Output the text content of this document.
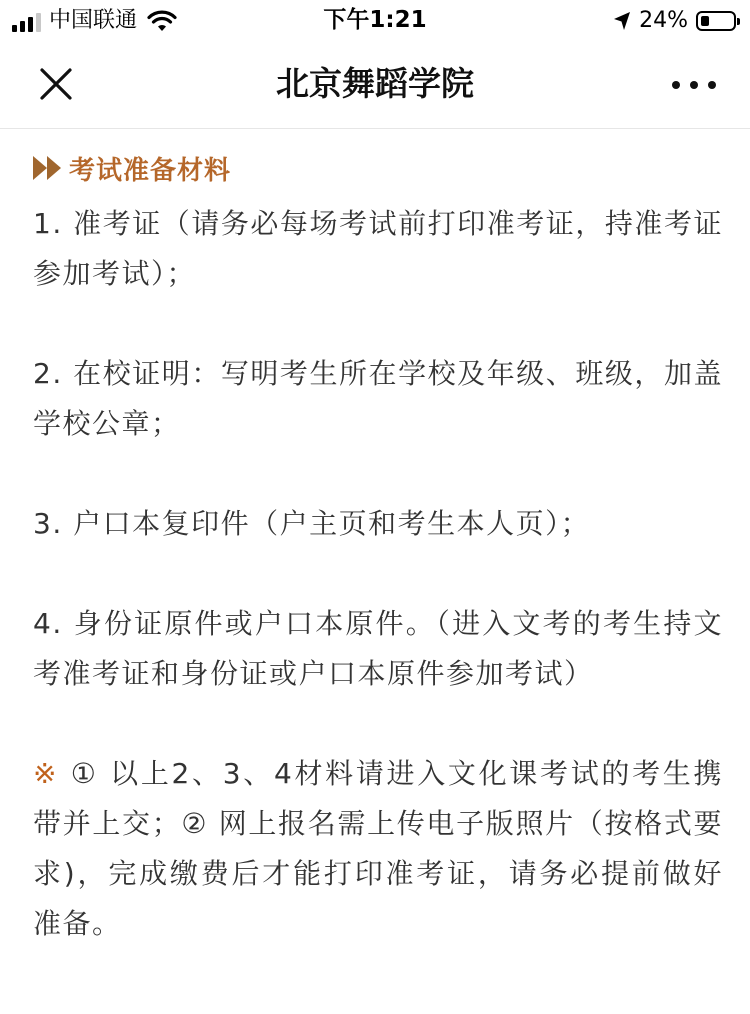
中国联通	下午1:21	24%
北京舞蹈学院
考试准备材料

1. 准考证（请务必每场考试前打印准考证，持准考证参加考试）；

2. 在校证明：写明考生所在学校及年级、班级，加盖学校公章；

3. 户口本复印件（户主页和考生本人页）；

4. 身份证原件或户口本原件。（进入文考的考生持文考准考证和身份证或户口本原件参加考试）

※ ① 以上2、3、4材料请进入文化课考试的考生携带并上交；② 网上报名需上传电子版照片（按格式要求)，完成缴费后才能打印准考证，请务必提前做好准备。
